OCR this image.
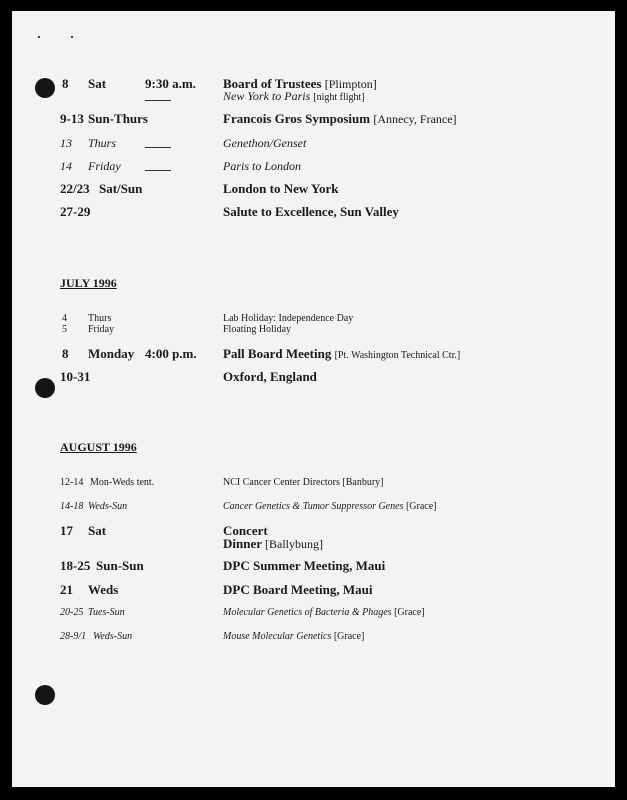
8 Sat	9:30 a.m. Board of Trustees [Plimpton]
New York to Paris [night flight]
9-13 Sun-Thurs	Francois Gros Symposium [Annecy, France]
13 Thurs	Genethon/Genset
14 Friday	Paris to London
22/23 Sat/Sun	London to New York
27-29	Salute to Excellence, Sun Valley
JULY 1996
4 Thurs	Lab Holiday: Independence Day
5 Friday	Floating Holiday
8 Monday 4:00 p.m. Pall Board Meeting [Pt. Washington Technical Ctr.]
10-31	Oxford, England
AUGUST 1996
12-14 Mon-Weds tent.	NCI Cancer Center Directors [Banbury]
14-18 Weds-Sun	Cancer Genetics & Tumor Suppressor Genes [Grace]
17 Sat	Concert
Dinner [Ballybung]
18-25 Sun-Sun	DPC Summer Meeting, Maui
21 Weds	DPC Board Meeting, Maui
20-25 Tues-Sun	Molecular Genetics of Bacteria & Phages [Grace]
28-9/1 Weds-Sun	Mouse Molecular Genetics [Grace]
